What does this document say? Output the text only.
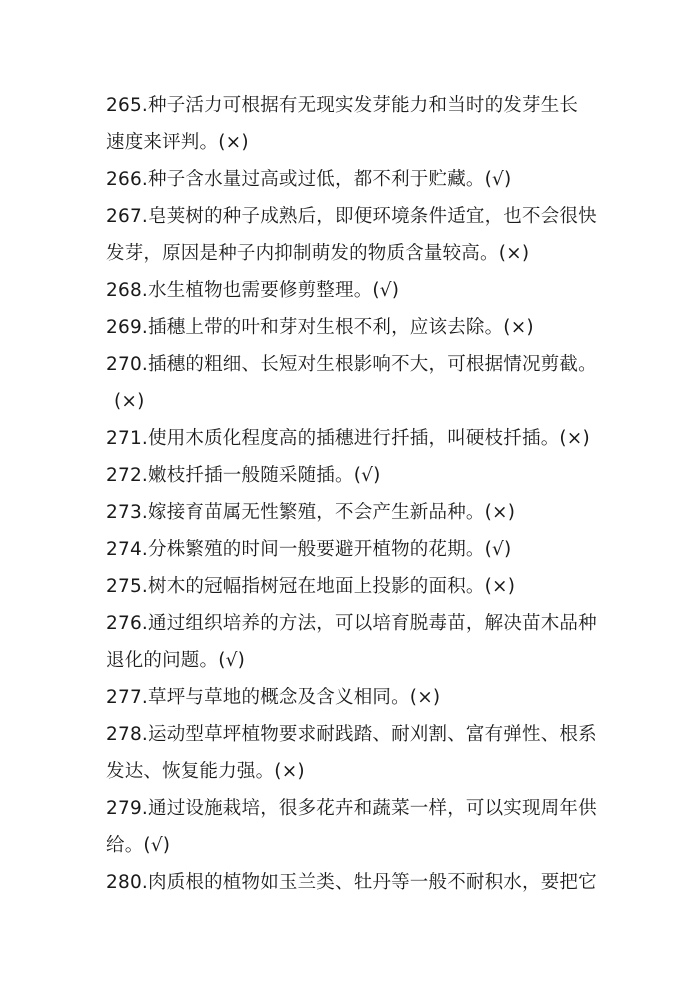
265.种子活力可根据有无现实发芽能力和当时的发芽生长
速度来评判。(×)
266.种子含水量过高或过低，都不利于贮藏。(√)
267.皂荚树的种子成熟后，即便环境条件适宜，也不会很快
发芽，原因是种子内抑制萌发的物质含量较高。(×)
268.水生植物也需要修剪整理。(√)
269.插穗上带的叶和芽对生根不利，应该去除。(×)
270.插穗的粗细、长短对生根影响不大，可根据情况剪截。
(×)
271.使用木质化程度高的插穗进行扦插，叫硬枝扦插。(×)
272.嫩枝扦插一般随采随插。(√)
273.嫁接育苗属无性繁殖，不会产生新品种。(×)
274.分株繁殖的时间一般要避开植物的花期。(√)
275.树木的冠幅指树冠在地面上投影的面积。(×)
276.通过组织培养的方法，可以培育脱毒苗，解决苗木品种
退化的问题。(√)
277.草坪与草地的概念及含义相同。(×)
278.运动型草坪植物要求耐践踏、耐刈割、富有弹性、根系
发达、恢复能力强。(×)
279.通过设施栽培，很多花卉和蔬菜一样，可以实现周年供
给。(√)
280.肉质根的植物如玉兰类、牡丹等一般不耐积水，要把它
